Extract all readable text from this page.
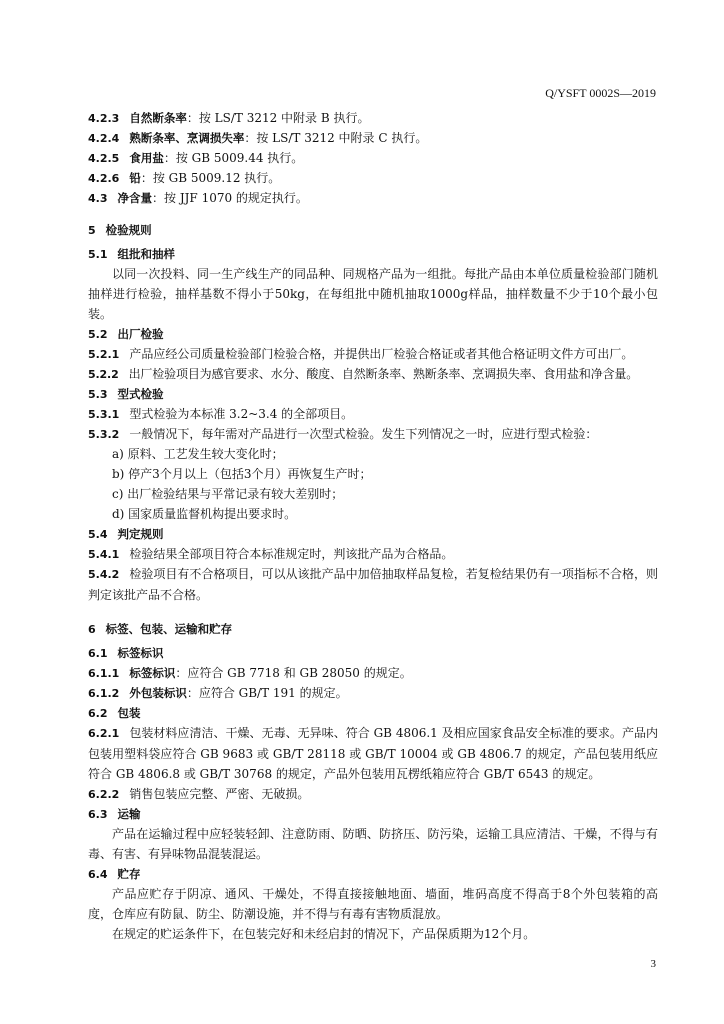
Q/YSFT 0002S—2019
4.2.3 自然断条率：按 LS/T 3212 中附录 B 执行。
4.2.4 熟断条率、烹调损失率：按 LS/T 3212 中附录 C 执行。
4.2.5 食用盐：按 GB 5009.44 执行。
4.2.6 铅：按 GB 5009.12 执行。
4.3 净含量：按 JJF 1070 的规定执行。
5 检验规则
5.1 组批和抽样
以同一次投料、同一生产线生产的同品种、同规格产品为一组批。每批产品由本单位质量检验部门随机抽样进行检验，抽样基数不得小于50kg，在每组批中随机抽取1000g样品，抽样数量不少于10个最小包装。
5.2 出厂检验
5.2.1 产品应经公司质量检验部门检验合格，并提供出厂检验合格证或者其他合格证明文件方可出厂。
5.2.2 出厂检验项目为感官要求、水分、酸度、自然断条率、熟断条率、烹调损失率、食用盐和净含量。
5.3 型式检验
5.3.1 型式检验为本标准 3.2~3.4 的全部项目。
5.3.2 一般情况下，每年需对产品进行一次型式检验。发生下列情况之一时，应进行型式检验：
a) 原料、工艺发生较大变化时；
b) 停产3个月以上（包括3个月）再恢复生产时；
c) 出厂检验结果与平常记录有较大差别时；
d) 国家质量监督机构提出要求时。
5.4 判定规则
5.4.1 检验结果全部项目符合本标准规定时，判该批产品为合格品。
5.4.2 检验项目有不合格项目，可以从该批产品中加倍抽取样品复检，若复检结果仍有一项指标不合格，则判定该批产品不合格。
6 标签、包装、运输和贮存
6.1 标签标识
6.1.1 标签标识：应符合 GB 7718 和 GB 28050 的规定。
6.1.2 外包装标识：应符合 GB/T 191 的规定。
6.2 包装
6.2.1 包装材料应清洁、干燥、无毒、无异味、符合 GB 4806.1 及相应国家食品安全标准的要求。产品内包装用塑料袋应符合 GB 9683 或 GB/T 28118 或 GB/T 10004 或 GB 4806.7 的规定，产品包装用纸应符合 GB 4806.8 或 GB/T 30768 的规定，产品外包装用瓦楞纸箱应符合 GB/T 6543 的规定。
6.2.2 销售包装应完整、严密、无破损。
6.3 运输
产品在运输过程中应轻装轻卸、注意防雨、防晒、防挤压、防污染，运输工具应清洁、干燥，不得与有毒、有害、有异味物品混装混运。
6.4 贮存
产品应贮存于阴凉、通风、干燥处，不得直接接触地面、墙面，堆码高度不得高于8个外包装箱的高度，仓库应有防鼠、防尘、防潮设施，并不得与有毒有害物质混放。
在规定的贮运条件下，在包装完好和未经启封的情况下，产品保质期为12个月。
3
